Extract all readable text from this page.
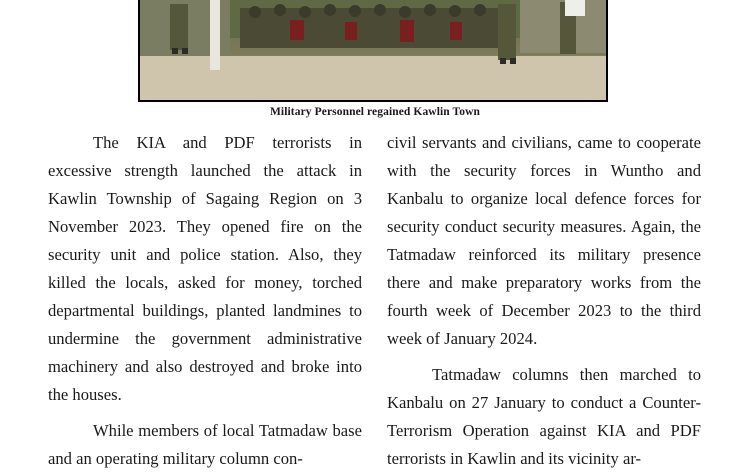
Military Personnel regained Kawlin Town

The KIA and PDF terrorists in excessive strength launched the attack in Kawlin Township of Sagaing Region on 3 November 2023. They opened fire on the security unit and police station. Also, they killed the locals, asked for money, torched departmental buildings, planted landmines to undermine the government administrative machinery and also destroyed and broke into the houses.

While members of local Tatmadaw base and an operating military column con-

civil servants and civilians, came to cooperate with the security forces in Wuntho and Kanbalu to organize local defence forces for security conduct security measures. Again, the Tatmadaw reinforced its military presence there and make preparatory works from the fourth week of December 2023 to the third week of January 2024.

Tatmadaw columns then marched to Kanbalu on 27 January to conduct a Counter-Terrorism Operation against KIA and PDF terrorists in Kawlin and its vicinity ar-
